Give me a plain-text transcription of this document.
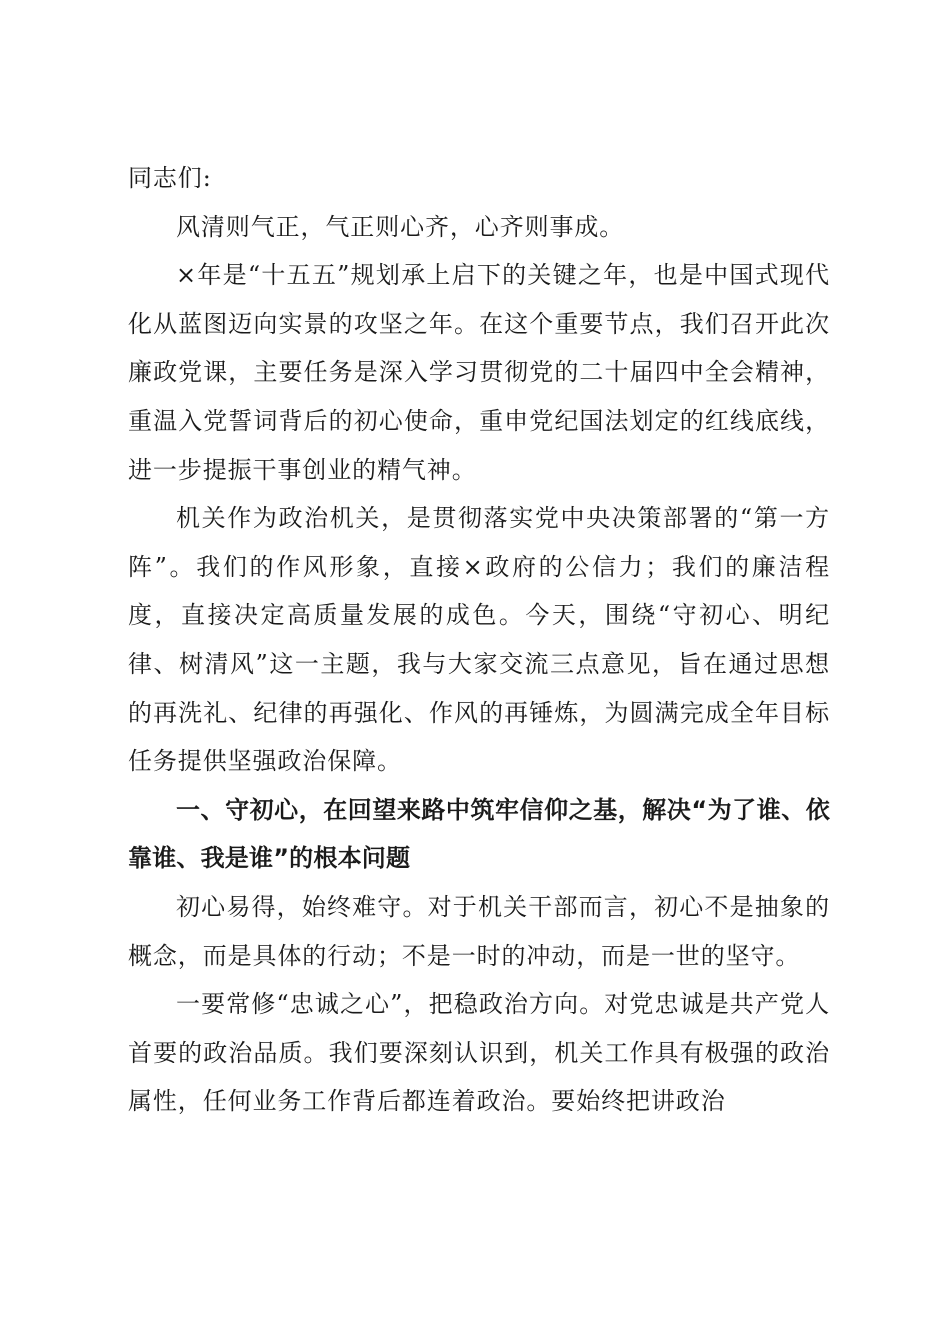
同志们:

风清则气正，气正则心齐，心齐则事成。

×年是“十五五”规划承上启下的关键之年，也是中国式现代化从蓝图迈向实景的攻坚之年。在这个重要节点，我们召开此次廉政党课，主要任务是深入学习贯彻党的二十届四中全会精神，重温入党誓词背后的初心使命，重申党纪国法划定的红线底线，进一步提振干事创业的精气神。

机关作为政治机关，是贯彻落实党中央决策部署的“第一方阵”。我们的作风形象，直接×政府的公信力；我们的廉洁程度，直接决定高质量发展的成色。今天，围绕“守初心、明纪律、树清风”这一主题，我与大家交流三点意见，旨在通过思想的再洗礼、纪律的再强化、作风的再锤炼，为圆满完成全年目标任务提供坚强政治保障。

一、守初心，在回望来路中筑牢信仰之基，解决“为了谁、依靠谁、我是谁”的根本问题

初心易得，始终难守。对于机关干部而言，初心不是抽象的概念，而是具体的行动；不是一时的冲动，而是一世的坚守。

一要常修“忠诚之心”，把稳政治方向。对党忠诚是共产党人首要的政治品质。我们要深刻认识到，机关工作具有极强的政治属性，任何业务工作背后都连着政治。要始终把讲政治
